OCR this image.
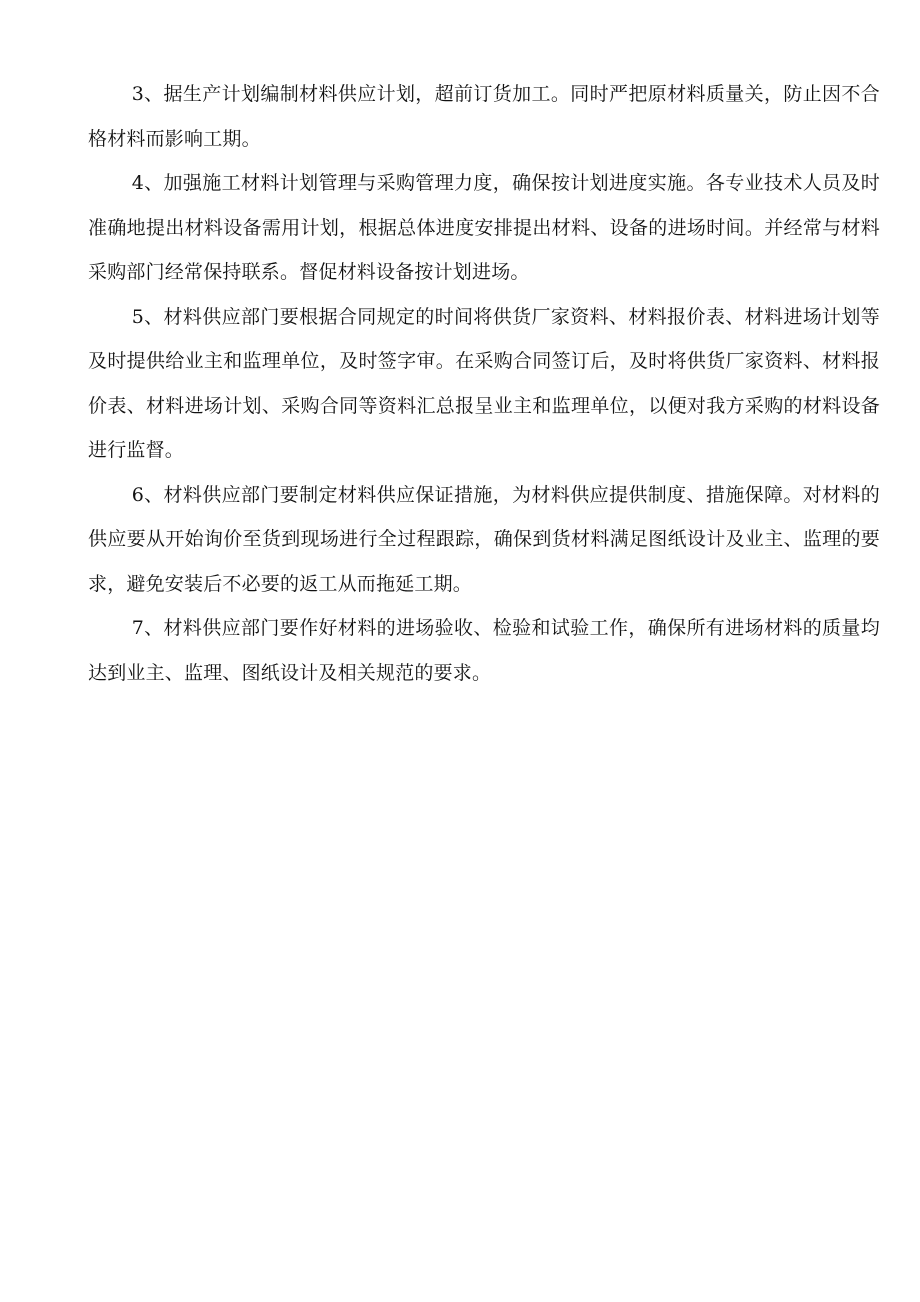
3、据生产计划编制材料供应计划，超前订货加工。同时严把原材料质量关，防止因不合格材料而影响工期。

4、加强施工材料计划管理与采购管理力度，确保按计划进度实施。各专业技术人员及时准确地提出材料设备需用计划，根据总体进度安排提出材料、设备的进场时间。并经常与材料采购部门经常保持联系。督促材料设备按计划进场。

5、材料供应部门要根据合同规定的时间将供货厂家资料、材料报价表、材料进场计划等及时提供给业主和监理单位，及时签字审。在采购合同签订后，及时将供货厂家资料、材料报价表、材料进场计划、采购合同等资料汇总报呈业主和监理单位，以便对我方采购的材料设备进行监督。

6、材料供应部门要制定材料供应保证措施，为材料供应提供制度、措施保障。对材料的供应要从开始询价至货到现场进行全过程跟踪，确保到货材料满足图纸设计及业主、监理的要求，避免安装后不必要的返工从而拖延工期。

7、材料供应部门要作好材料的进场验收、检验和试验工作，确保所有进场材料的质量均达到业主、监理、图纸设计及相关规范的要求。
